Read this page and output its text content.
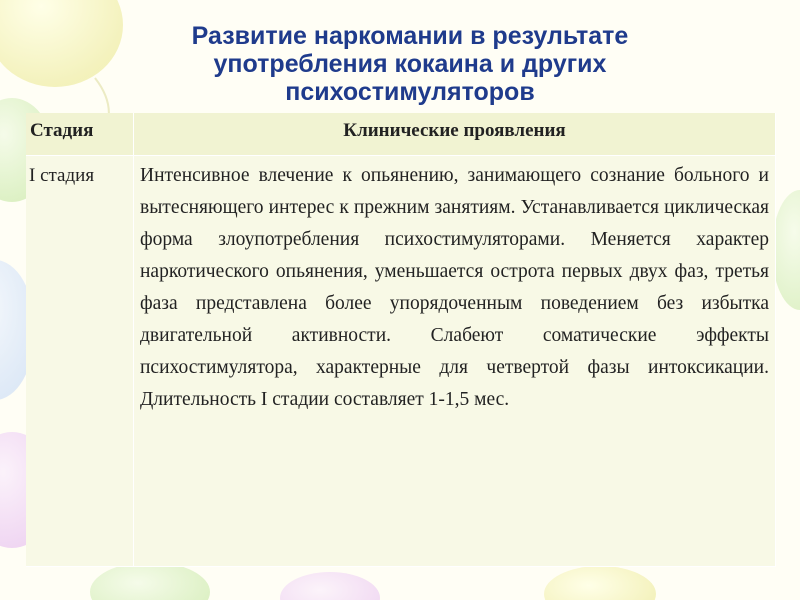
Развитие наркомании в результате употребления кокаина и других психостимуляторов
Стадия	Клинические проявления
I стадия	Интенсивное влечение к опьянению, занимающего сознание больного и вытесняющего интерес к прежним занятиям. Устанавливается циклическая форма злоупотребления психостимуляторами. Меняется характер наркотического опьянения, уменьшается острота первых двух фаз, третья фаза представлена более упорядоченным поведением без избытка двигательной активности. Слабеют соматические эффекты психостимулятора, характерные для четвертой фазы интоксикации. Длительность I стадии составляет 1-1,5 мес.
